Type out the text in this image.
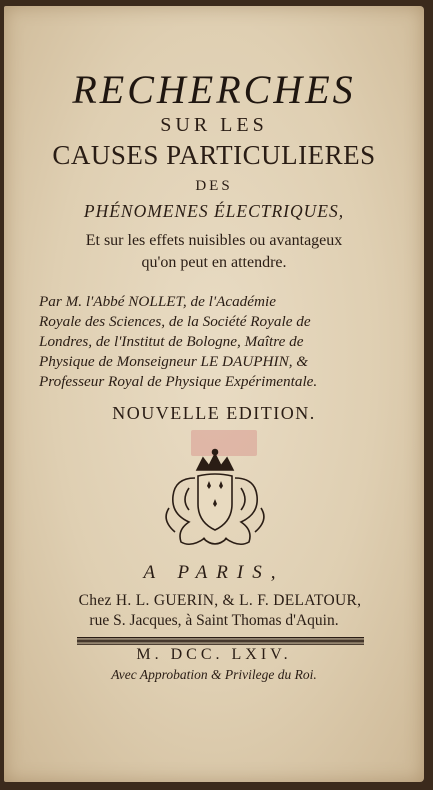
RECHERCHES
SUR LES
CAUSES PARTICULIERES
DES
PHÉNOMENES ÉLECTRIQUES,
Et sur les effets nuisibles ou avantageux
qu'on peut en attendre.
Par M. l'Abbé NOLLET, de l'Académie
Royale des Sciences, de la Société Royale de
Londres, de l'Institut de Bologne, Maître de
Physique de Monseigneur LE DAUPHIN, &
Professeur Royal de Physique Expérimentale.
NOUVELLE EDITION.
A PARIS,
Chez H. L. GUERIN, & L. F. DELATOUR,
rue S. Jacques, à Saint Thomas d'Aquin.
M. DCC. LXIV.
Avec Approbation & Privilege du Roi.
